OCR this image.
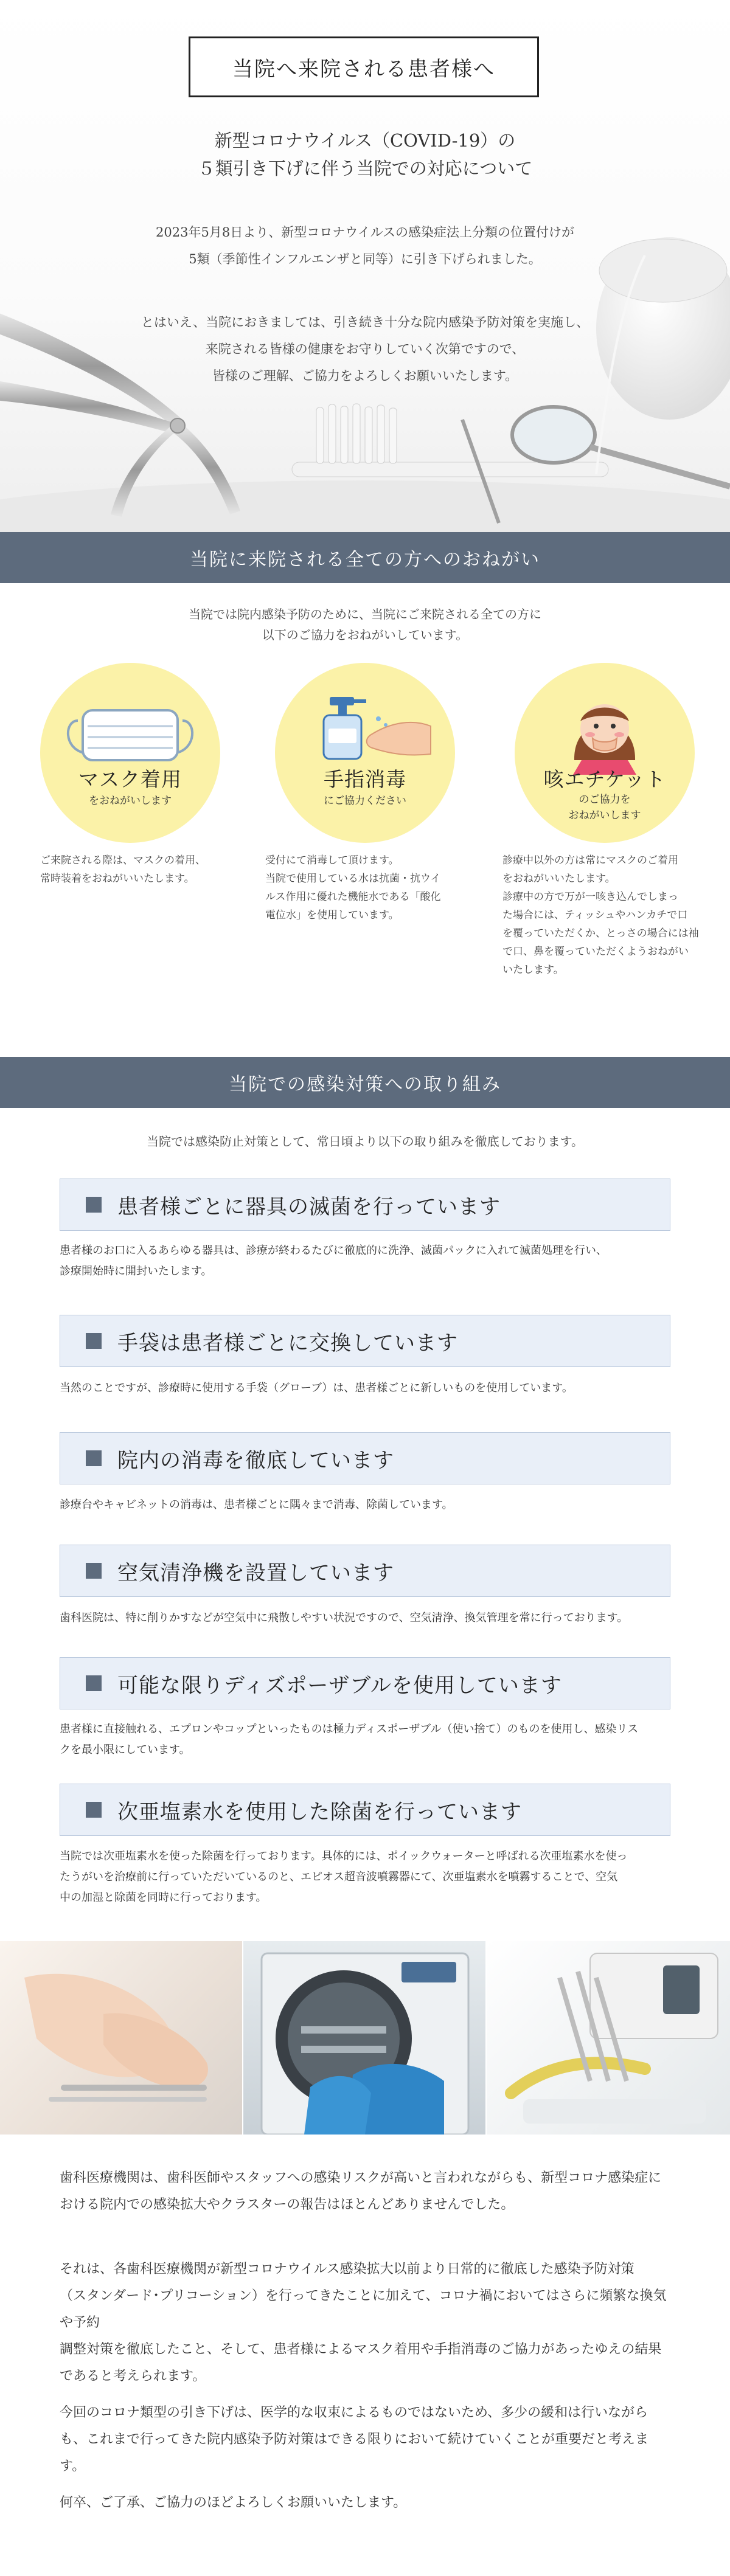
当院へ来院される患者様へ
新型コロナウイルス（COVID-19）の
５類引き下げに伴う当院での対応について
2023年5月8日より、新型コロナウイルスの感染症法上分類の位置付けが
5類（季節性インフルエンザと同等）に引き下げられました。
とはいえ、当院におきましては、引き続き十分な院内感染予防対策を実施し、
来院される皆様の健康をお守りしていく次第ですので、
皆様のご理解、ご協力をよろしくお願いいたします。
当院に来院される全ての方へのおねがい
当院では院内感染予防のために、当院にご来院される全ての方に
以下のご協力をおねがいしています。
マスク着用
をおねがいします
ご来院される際は、マスクの着用、
常時装着をおねがいいたします。
手指消毒
にご協力ください
受付にて消毒して頂けます。
当院で使用している水は抗菌・抗ウイ
ルス作用に優れた機能水である「酸化
電位水」を使用しています。
咳エチケット
のご協力を
おねがいします
診療中以外の方は常にマスクのご着用
をおねがいいたします。
診療中の方で万が一咳き込んでしまっ
た場合には、ティッシュやハンカチで口
を覆っていただくか、とっさの場合には袖
で口、鼻を覆っていただくようおねがい
いたします。
当院での感染対策への取り組み
当院では感染防止対策として、常日頃より以下の取り組みを徹底しております。
患者様ごとに器具の滅菌を行っています
患者様のお口に入るあらゆる器具は、診療が終わるたびに徹底的に洗浄、滅菌パックに入れて滅菌処理を行い、
診療開始時に開封いたします。
手袋は患者様ごとに交換しています
当然のことですが、診療時に使用する手袋（グローブ）は、患者様ごとに新しいものを使用しています。
院内の消毒を徹底しています
診療台やキャビネットの消毒は、患者様ごとに隅々まで消毒、除菌しています。
空気清浄機を設置しています
歯科医院は、特に削りかすなどが空気中に飛散しやすい状況ですので、空気清浄、換気管理を常に行っております。
可能な限りディズポーザブルを使用しています
患者様に直接触れる、エプロンやコップといったものは極力ディスポーザブル（使い捨て）のものを使用し、感染リス
クを最小限にしています。
次亜塩素水を使用した除菌を行っています
当院では次亜塩素水を使った除菌を行っております。具体的には、ポイックウォーターと呼ばれる次亜塩素水を使っ
たうがいを治療前に行っていただいているのと、エピオス超音波噴霧器にて、次亜塩素水を噴霧することで、空気
中の加湿と除菌を同時に行っております。
歯科医療機関は、歯科医師やスタッフへの感染リスクが高いと言われながらも、新型コロナ感染症に
おける院内での感染拡大やクラスターの報告はほとんどありませんでした。
それは、各歯科医療機関が新型コロナウイルス感染拡大以前より日常的に徹底した感染予防対策
（スタンダード･プリコーション）を行ってきたことに加えて、コロナ禍においてはさらに頻繁な換気や予約
調整対策を徹底したこと、そして、患者様によるマスク着用や手指消毒のご協力があったゆえの結果
であると考えられます。
今回のコロナ類型の引き下げは、医学的な収束によるものではないため、多少の緩和は行いながら
も、これまで行ってきた院内感染予防対策はできる限りにおいて続けていくことが重要だと考えます。
何卒、ご了承、ご協力のほどよろしくお願いいたします。
